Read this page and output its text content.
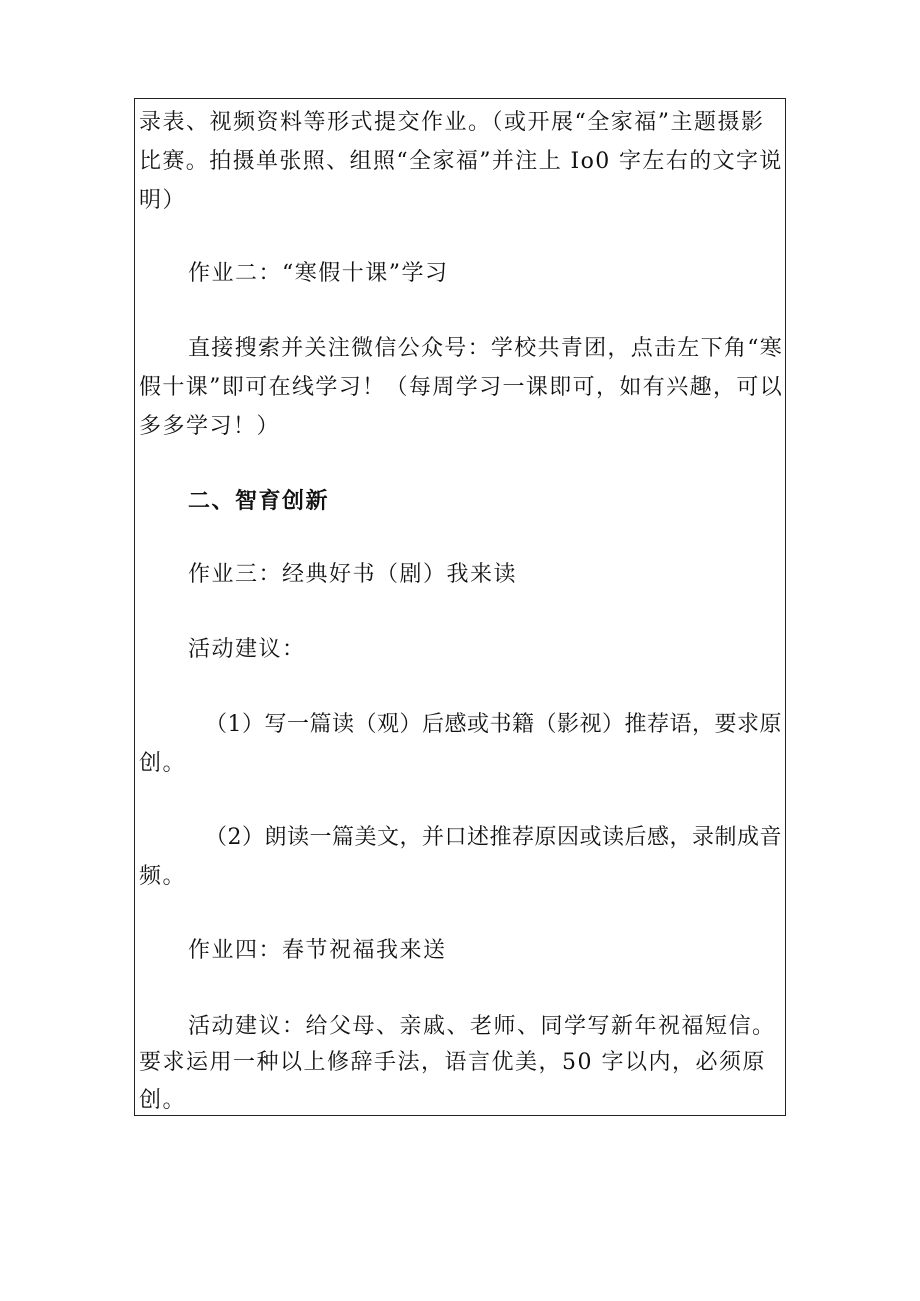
录表、视频资料等形式提交作业。（或开展“全家福”主题摄影
比赛。拍摄单张照、组照“全家福”并注上 Io0 字左右的文字说
明）
作业二：“寒假十课”学习
直接搜索并关注微信公众号：学校共青团，点击左下角“寒
假十课”即可在线学习！（每周学习一课即可，如有兴趣，可以
多多学习！）
二、智育创新
作业三：经典好书（剧）我来读
活动建议：
（1）写一篇读（观）后感或书籍（影视）推荐语，要求原
创。
（2）朗读一篇美文，并口述推荐原因或读后感，录制成音
频。
作业四：春节祝福我来送
活动建议：给父母、亲戚、老师、同学写新年祝福短信。
要求运用一种以上修辞手法，语言优美，50 字以内，必须原
创。
